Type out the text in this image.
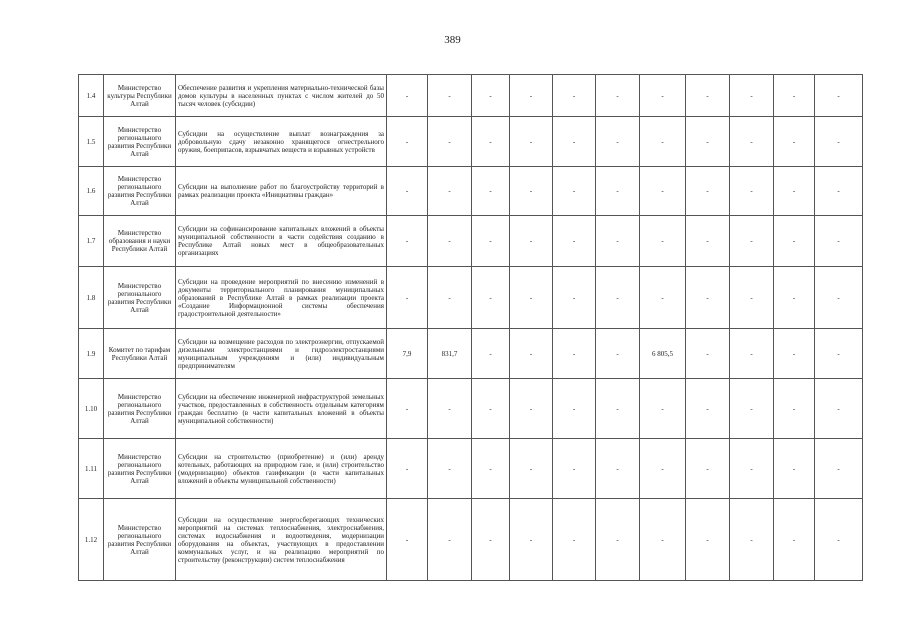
389
1.4	Министерство культуры Республики Алтай	Обеспечение развития и укрепления материально-технической базы домов культуры в населенных пунктах с числом жителей до 50 тысяч человек (субсидии)	-	-	-	-	-	-	-	-	-	-	-
1.5	Министерство регионального развития Республики Алтай	Субсидии на осуществление выплат вознаграждения за добровольную сдачу незаконно хранящегося огнестрельного оружия, боеприпасов, взрывчатых веществ и взрывных устройств	-	-	-	-	-	-	-	-	-	-	-
1.6	Министерство регионального развития Республики Алтай	Субсидии на выполнение работ по благоустройству территорий в рамках реализации проекта «Инициативы граждан»	-	-	-	-	-	-	-	-	-	-	-
1.7	Министерство образования и науки Республики Алтай	Субсидии на софинансирование капитальных вложений в объекты муниципальной собственности в части содействия созданию в Республике Алтай новых мест в общеобразовательных организациях	-	-	-	-	-	-	-	-	-	-	-
1.8	Министерство регионального развития Республики Алтай	Субсидии на проведение мероприятий по внесению изменений в документы территориального планирования муниципальных образований в Республике Алтай в рамках реализации проекта «Создание Информационной системы обеспечения градостроительной деятельности»	-	-	-	-	-	-	-	-	-	-	-
1.9	Комитет по тарифам Республики Алтай	Субсидии на возмещение расходов по электроэнергии, отпускаемой дизельными электростанциями и гидроэлектростанциями муниципальным учреждениям и (или) индивидуальным предпринимателям	7,9	831,7	-	-	-	-	6 805,5	-	-	-	-
1.10	Министерство регионального развития Республики Алтай	Субсидии на обеспечение инженерной инфраструктурой земельных участков, предоставленных в собственность отдельным категориям граждан бесплатно (в части капитальных вложений в объекты муниципальной собственности)	-	-	-	-	-	-	-	-	-	-	-
1.11	Министерство регионального развития Республики Алтай	Субсидии на строительство (приобретение) и (или) аренду котельных, работающих на природном газе, и (или) строительство (модернизацию) объектов газификации (в части капитальных вложений в объекты муниципальной собственности)	-	-	-	-	-	-	-	-	-	-	-
1.12	Министерство регионального развития Республики Алтай	Субсидии на осуществление энергосберегающих технических мероприятий на системах теплоснабжения, электроснабжения, системах водоснабжения и водоотведения, модернизации оборудования на объектах, участвующих в предоставлении коммунальных услуг, и на реализацию мероприятий по строительству (реконструкции) систем теплоснабжения	-	-	-	-	-	-	-	-	-	-	-
